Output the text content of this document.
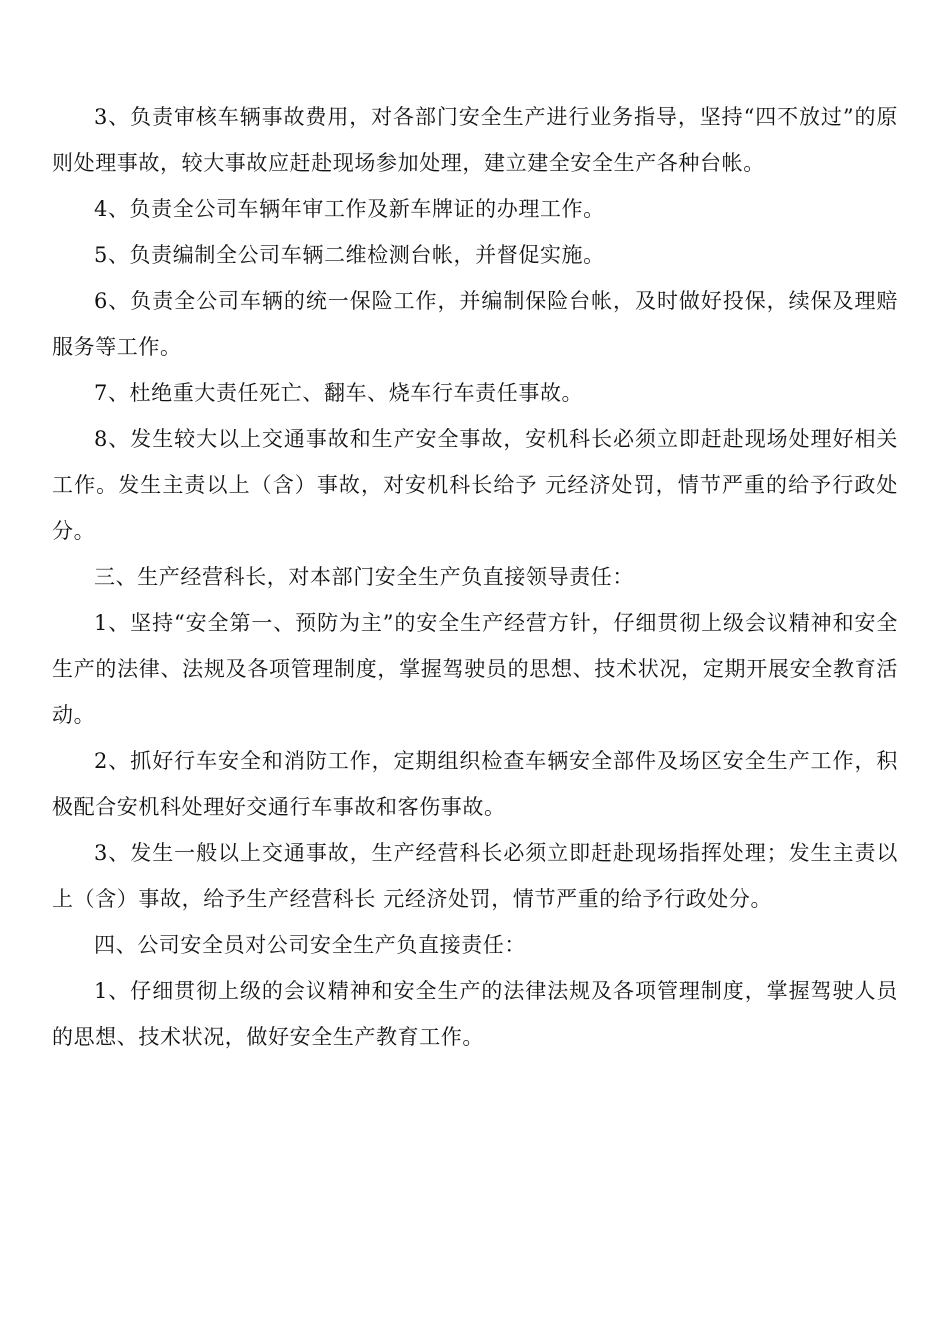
3、负责审核车辆事故费用，对各部门安全生产进行业务指导，坚持“四不放过”的原则处理事故，较大事故应赶赴现场参加处理，建立建全安全生产各种台帐。

4、负责全公司车辆年审工作及新车牌证的办理工作。

5、负责编制全公司车辆二维检测台帐，并督促实施。

6、负责全公司车辆的统一保险工作，并编制保险台帐，及时做好投保，续保及理赔服务等工作。

7、杜绝重大责任死亡、翻车、烧车行车责任事故。

8、发生较大以上交通事故和生产安全事故，安机科长必须立即赶赴现场处理好相关工作。发生主责以上（含）事故，对安机科长给予 元经济处罚，情节严重的给予行政处分。

三、生产经营科长，对本部门安全生产负直接领导责任：

1、坚持“安全第一、预防为主”的安全生产经营方针，仔细贯彻上级会议精神和安全生产的法律、法规及各项管理制度，掌握驾驶员的思想、技术状况，定期开展安全教育活动。

2、抓好行车安全和消防工作，定期组织检查车辆安全部件及场区安全生产工作，积极配合安机科处理好交通行车事故和客伤事故。

3、发生一般以上交通事故，生产经营科长必须立即赶赴现场指挥处理；发生主责以上（含）事故，给予生产经营科长 元经济处罚，情节严重的给予行政处分。

四、公司安全员对公司安全生产负直接责任：

1、仔细贯彻上级的会议精神和安全生产的法律法规及各项管理制度，掌握驾驶人员的思想、技术状况，做好安全生产教育工作。
